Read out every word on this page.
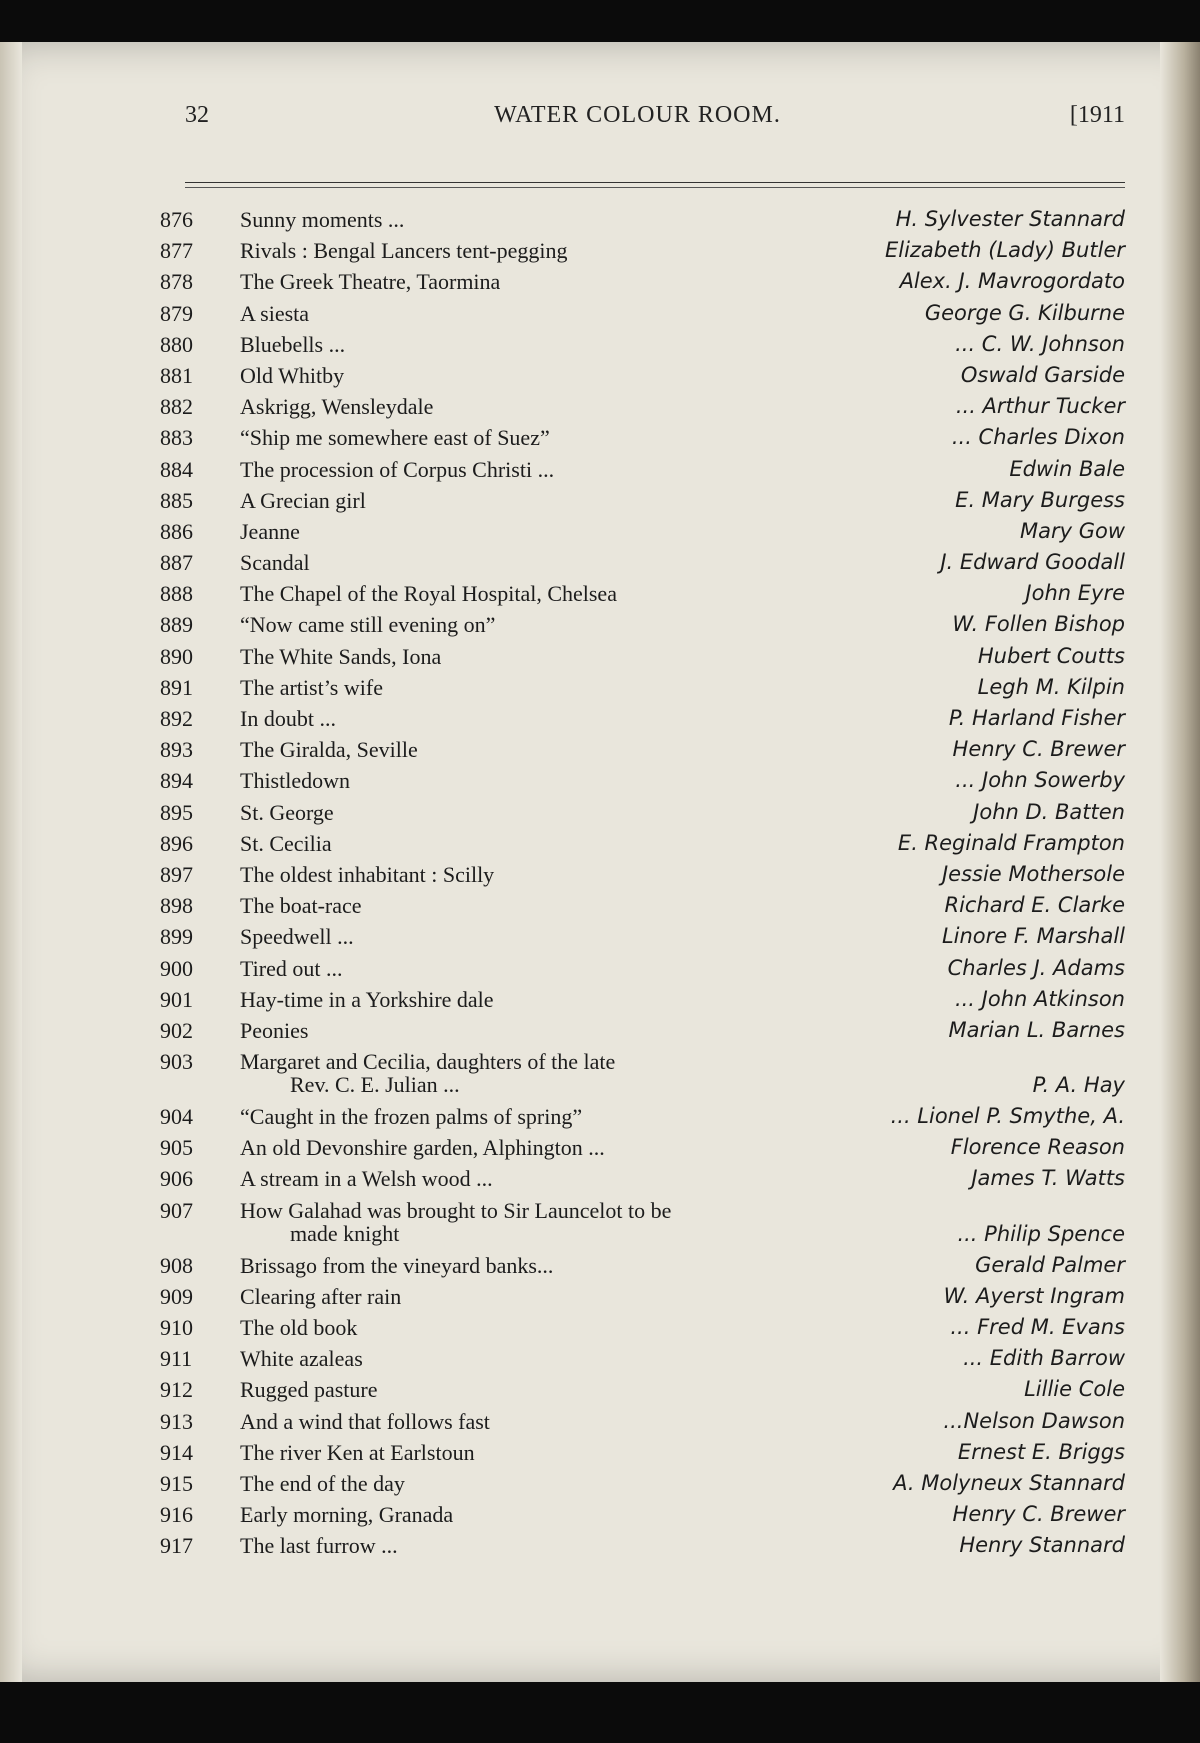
32	WATER COLOUR ROOM.	[1911
876	Sunny moments ...	H. Sylvester Stannard
877	Rivals : Bengal Lancers tent-pegging	Elizabeth (Lady) Butler
878	The Greek Theatre, Taormina	Alex. J. Mavrogordato
879	A siesta	George G. Kilburne
880	Bluebells ...	... C. W. Johnson
881	Old Whitby	Oswald Garside
882	Askrigg, Wensleydale	... Arthur Tucker
883	“Ship me somewhere east of Suez”	... Charles Dixon
884	The procession of Corpus Christi ...	Edwin Bale
885	A Grecian girl	E. Mary Burgess
886	Jeanne	Mary Gow
887	Scandal	J. Edward Goodall
888	The Chapel of the Royal Hospital, Chelsea	John Eyre
889	“Now came still evening on”	W. Follen Bishop
890	The White Sands, Iona	Hubert Coutts
891	The artist’s wife	Legh M. Kilpin
892	In doubt ...	P. Harland Fisher
893	The Giralda, Seville	Henry C. Brewer
894	Thistledown	... John Sowerby
895	St. George	John D. Batten
896	St. Cecilia	E. Reginald Frampton
897	The oldest inhabitant : Scilly	Jessie Mothersole
898	The boat-race	Richard E. Clarke
899	Speedwell ...	Linore F. Marshall
900	Tired out ...	Charles J. Adams
901	Hay-time in a Yorkshire dale	... John Atkinson
902	Peonies	Marian L. Barnes
903	Margaret and Cecilia, daughters of the late
Rev. C. E. Julian ...	P. A. Hay
904	“Caught in the frozen palms of spring”	... Lionel P. Smythe, A.
905	An old Devonshire garden, Alphington ...	Florence Reason
906	A stream in a Welsh wood ...	James T. Watts
907	How Galahad was brought to Sir Launcelot to be
made knight	... Philip Spence
908	Brissago from the vineyard banks...	Gerald Palmer
909	Clearing after rain	W. Ayerst Ingram
910	The old book	... Fred M. Evans
911	White azaleas	... Edith Barrow
912	Rugged pasture	Lillie Cole
913	And a wind that follows fast	...Nelson Dawson
914	The river Ken at Earlstoun	Ernest E. Briggs
915	The end of the day	A. Molyneux Stannard
916	Early morning, Granada	Henry C. Brewer
917	The last furrow ...	Henry Stannard
